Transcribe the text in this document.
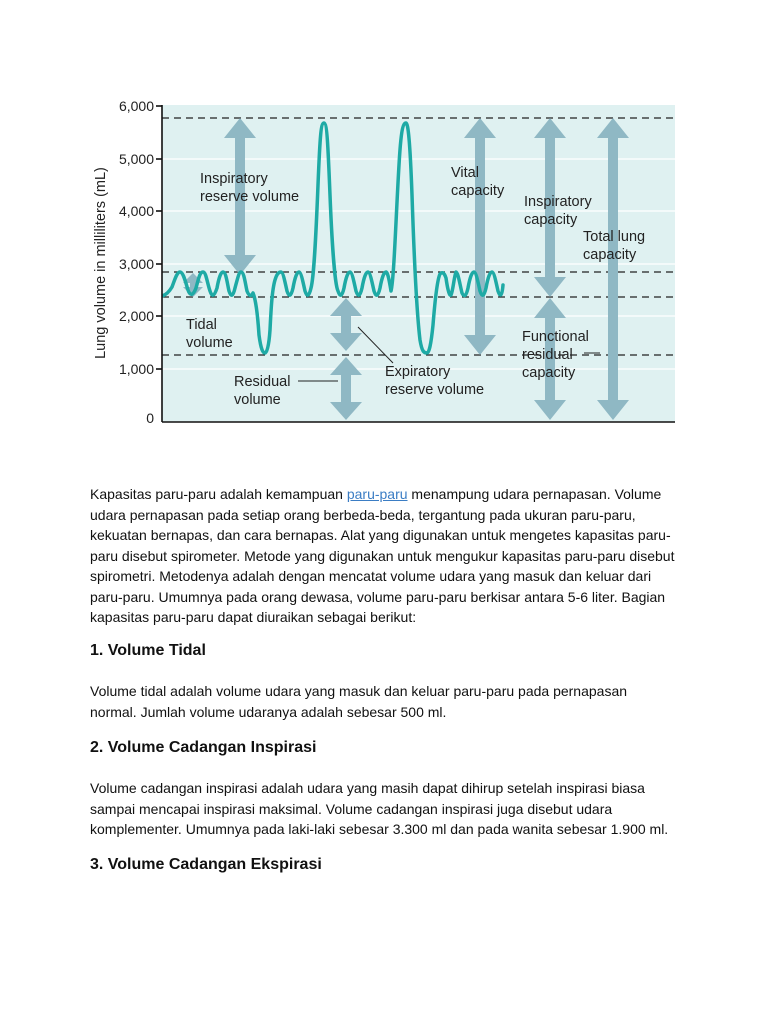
6,000
5,000
4,000
3,000
2,000
1,000
0
Lung volume in milliliters (mL)	Inspiratory reserve volume
Vital capacity
Inspiratory capacity
Total lung capacity
Tidal volume	Functional residual capacity
Expiratory reserve volume
Residual volume

Kapasitas paru-paru adalah kemampuan paru-paru menampung udara pernapasan. Volume udara pernapasan pada setiap orang berbeda-beda, tergantung pada ukuran paru-paru, kekuatan bernapas, dan cara bernapas. Alat yang digunakan untuk mengetes kapasitas paru-paru disebut spirometer. Metode yang digunakan untuk mengukur kapasitas paru-paru disebut spirometri. Metodenya adalah dengan mencatat volume udara yang masuk dan keluar dari paru-paru. Umumnya pada orang dewasa, volume paru-paru berkisar antara 5-6 liter. Bagian kapasitas paru-paru dapat diuraikan sebagai berikut:

1. Volume Tidal

Volume tidal adalah volume udara yang masuk dan keluar paru-paru pada pernapasan normal. Jumlah volume udaranya adalah sebesar 500 ml.

2. Volume Cadangan Inspirasi

Volume cadangan inspirasi adalah udara yang masih dapat dihirup setelah inspirasi biasa sampai mencapai inspirasi maksimal. Volume cadangan inspirasi juga disebut udara komplementer. Umumnya pada laki-laki sebesar 3.300 ml dan pada wanita sebesar 1.900 ml.

3. Volume Cadangan Ekspirasi
